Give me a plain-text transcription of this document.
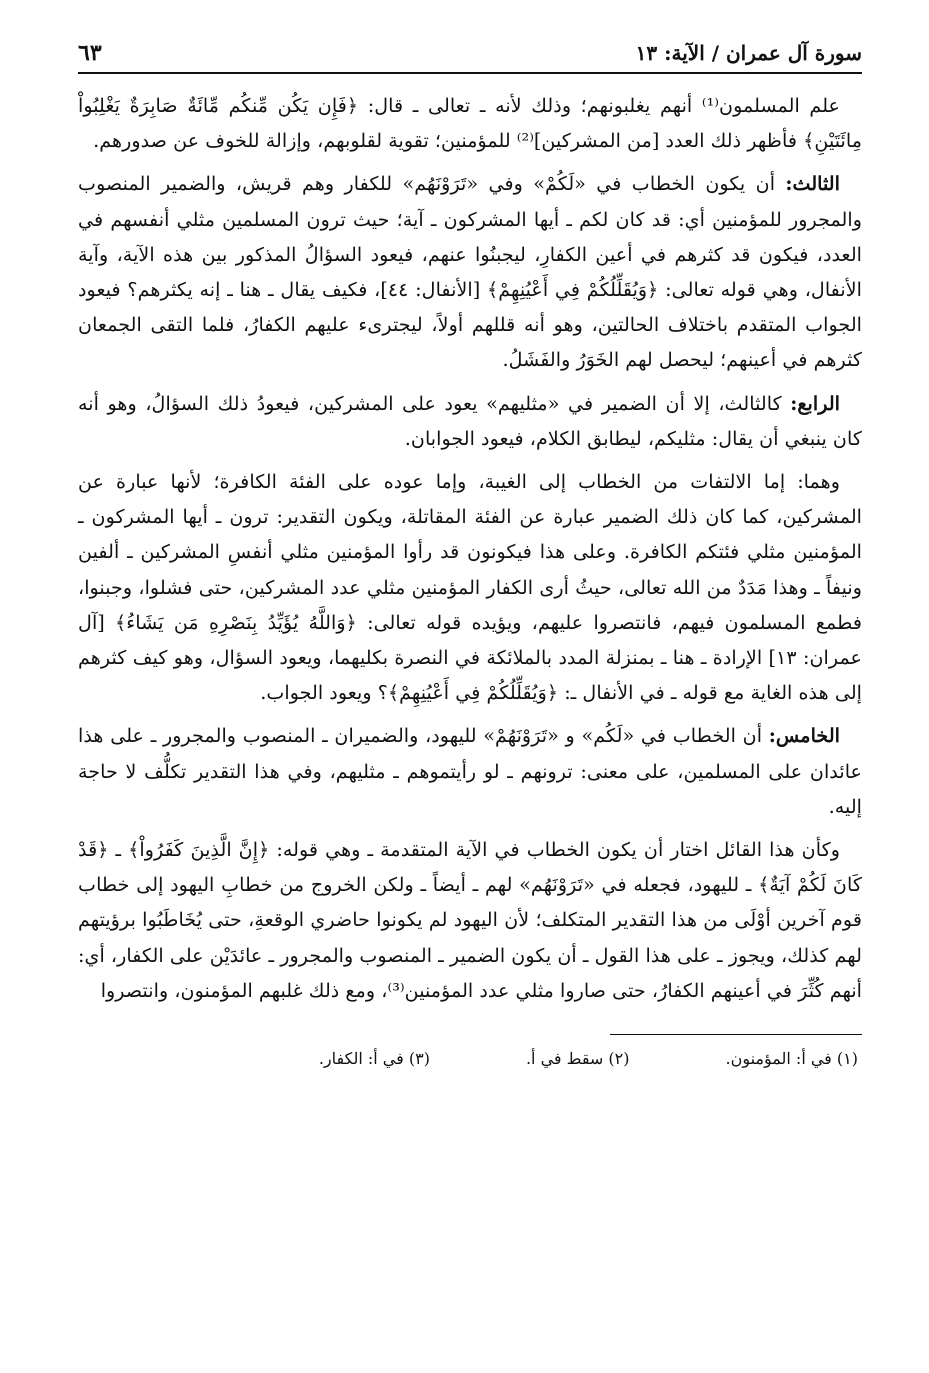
سورة آل عمران / الآية: ١٣
٦٣

علم المسلمون⁽¹⁾ أنهم يغلبونهم؛ وذلك لأنه ـ تعالى ـ قال: ﴿فَإِن يَكُن مِّنكُم مِّائَةٌ صَابِرَةٌ يَغْلِبُواْ مِائَتَيْنِ﴾ فأظهر ذلك العدد [من المشركين]⁽²⁾ للمؤمنين؛ تقوية لقلوبهم، وإزالة للخوف عن صدورهم.

الثالث: أن يكون الخطاب في «لَكُمْ» وفي «تَرَوْنَهُم» للكفار وهم قريش، والضمير المنصوب والمجرور للمؤمنين أي: قد كان لكم ـ أيها المشركون ـ آية؛ حيث ترون المسلمين مثلي أنفسهم في العدد، فيكون قد كثرهم في أعين الكفارِ، ليجبنُوا عنهم، فيعود السؤالُ المذكور بين هذه الآية، وآية الأنفال، وهي قوله تعالى: ﴿وَيُقَلِّلُكُمْ فِي أَعْيُنِهِمْ﴾ [الأنفال: ٤٤]، فكيف يقال ـ هنا ـ إنه يكثرهم؟ فيعود الجواب المتقدم باختلاف الحالتين، وهو أنه قللهم أولاً، ليجترىء عليهم الكفارُ، فلما التقى الجمعان كثرهم في أعينهم؛ ليحصل لهم الخَوَرُ والفَشَلُ.

الرابع: كالثالث، إلا أن الضمير في «مثليهم» يعود على المشركين، فيعودُ ذلك السؤالُ، وهو أنه كان ينبغي أن يقال: مثليكم، ليطابق الكلام، فيعود الجوابان.

وهما: إما الالتفات من الخطاب إلى الغيبة، وإما عوده على الفئة الكافرة؛ لأنها عبارة عن المشركين، كما كان ذلك الضمير عبارة عن الفئة المقاتلة، ويكون التقدير: ترون ـ أيها المشركون ـ المؤمنين مثلي فئتكم الكافرة. وعلى هذا فيكونون قد رأوا المؤمنين مثلي أنفسِ المشركين ـ ألفين ونيفاً ـ وهذا مَدَدٌ من الله تعالى، حيثُ أرى الكفار المؤمنين مثلي عدد المشركين، حتى فشلوا، وجبنوا، فطمع المسلمون فيهم، فانتصروا عليهم، ويؤيده قوله تعالى: ﴿وَاللَّهُ يُؤَيِّدُ بِنَصْرِهِ مَن يَشَاءُ﴾ [آل عمران: ١٣] الإرادة ـ هنا ـ بمنزلة المدد بالملائكة في النصرة بكليهما، ويعود السؤال، وهو كيف كثرهم إلى هذه الغاية مع قوله ـ في الأنفال ـ: ﴿وَيُقَلِّلُكُمْ فِي أَعْيُنِهِمْ﴾؟ ويعود الجواب.

الخامس: أن الخطاب في «لَكُم» و «تَرَوْنَهُمْ» لليهود، والضميران ـ المنصوب والمجرور ـ على هذا عائدان على المسلمين، على معنى: ترونهم ـ لو رأيتموهم ـ مثليهم، وفي هذا التقدير تكلُّف لا حاجة إليه.

وكأن هذا القائل اختار أن يكون الخطاب في الآية المتقدمة ـ وهي قوله: ﴿إِنَّ الَّذِينَ كَفَرُواْ﴾ ـ ﴿قَدْ كَانَ لَكُمْ آيَةٌ﴾ ـ لليهود، فجعله في «تَرَوْنَهُم» لهم ـ أيضاً ـ ولكن الخروج من خطابِ اليهود إلى خطاب قوم آخرين أوْلَى من هذا التقدير المتكلف؛ لأن اليهود لم يكونوا حاضري الوقعةِ، حتى يُخَاطَبُوا برؤيتهم لهم كذلك، ويجوز ـ على هذا القول ـ أن يكون الضمير ـ المنصوب والمجرور ـ عائدَيْن على الكفار، أي: أنهم كُثِّرَ في أعينهم الكفارُ، حتى صاروا مثلي عدد المؤمنين⁽³⁾، ومع ذلك غلبهم المؤمنون، وانتصروا

(١) في أ: المؤمنون.
(٢) سقط في أ.
(٣) في أ: الكفار.
